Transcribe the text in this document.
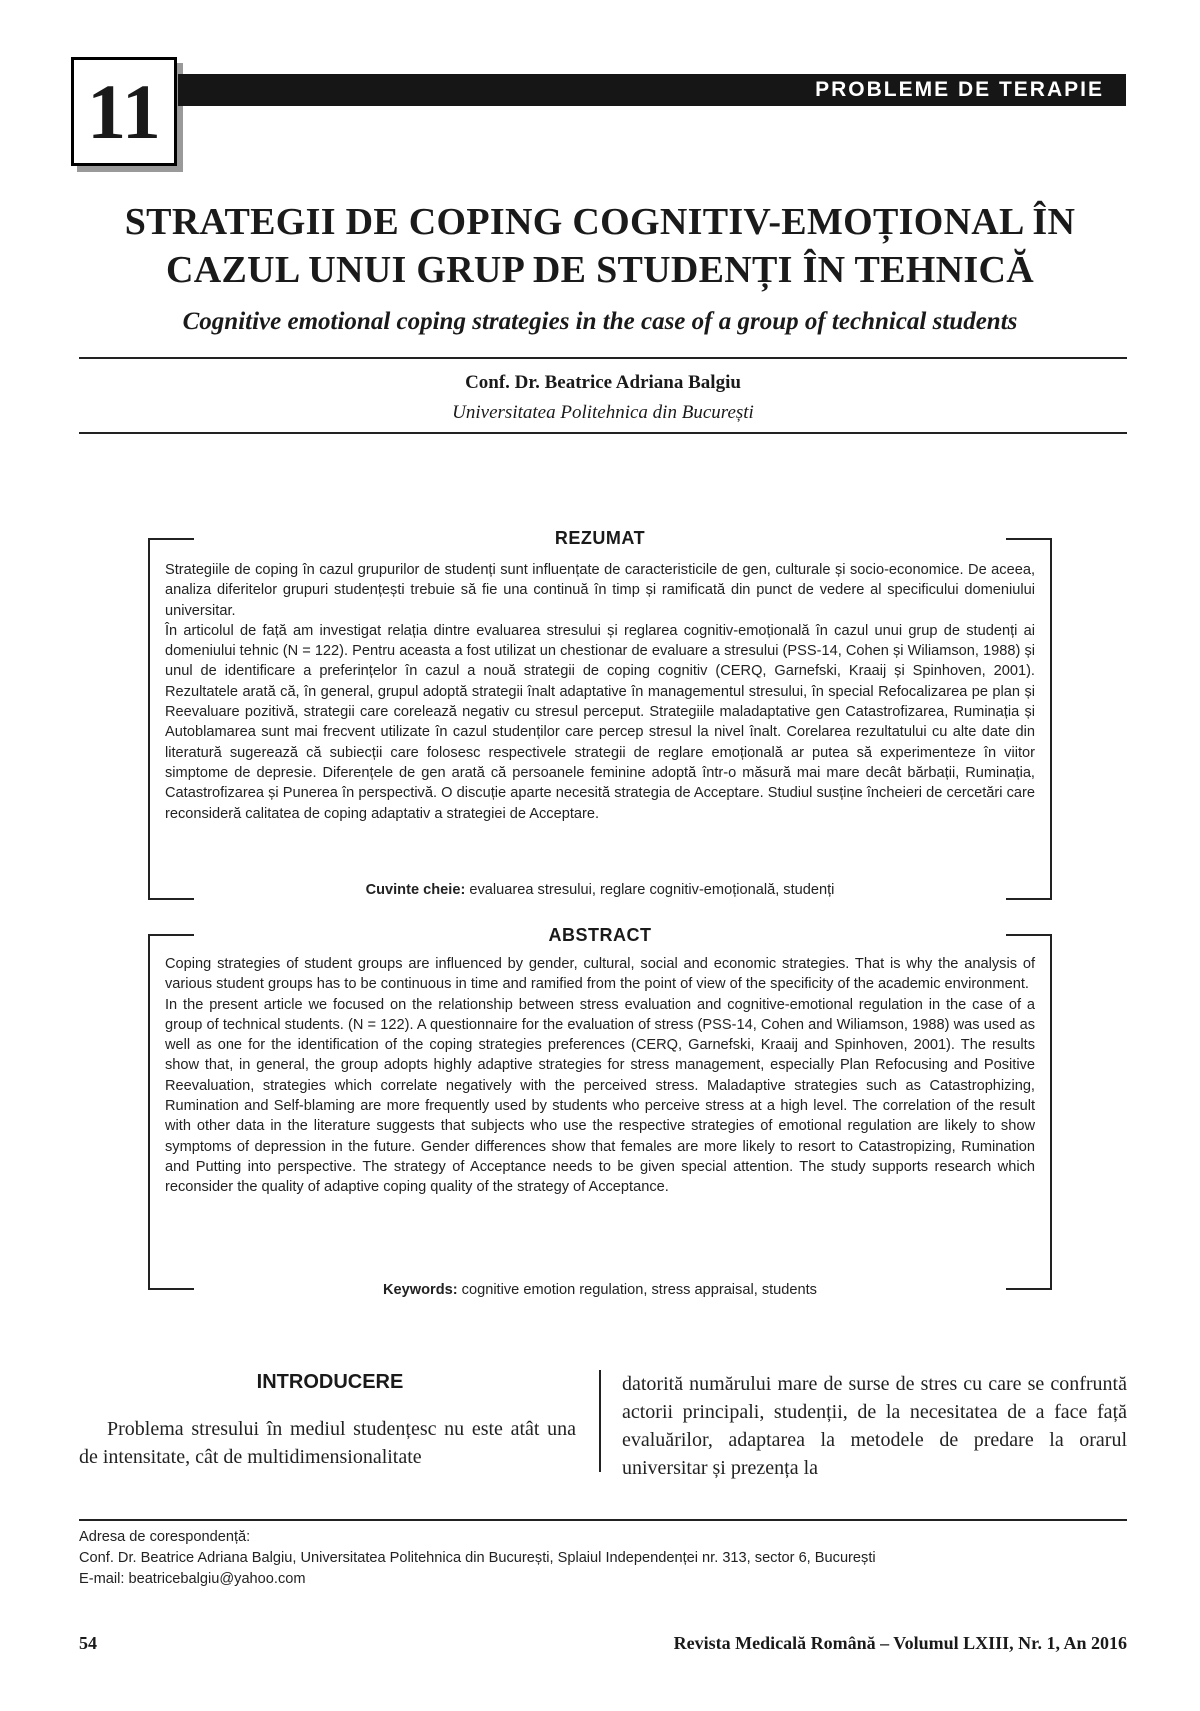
11	PROBLEME DE TERAPIE
STRATEGII DE COPING COGNITIV-EMOȚIONAL ÎN
CAZUL UNUI GRUP DE STUDENȚI ÎN TEHNICĂ
Cognitive emotional coping strategies in the case of a group of technical students
Conf. Dr. Beatrice Adriana Balgiu
Universitatea Politehnica din București
REZUMAT

Strategiile de coping în cazul grupurilor de studenți sunt influențate de caracteristicile de gen, culturale și socio-economice. De aceea, analiza diferitelor grupuri studențești trebuie să fie una continuă în timp și ramificată din punct de vedere al specificului domeniului universitar.

În articolul de față am investigat relația dintre evaluarea stresului și reglarea cognitiv-emoțională în cazul unui grup de studenți ai domeniului tehnic (N = 122). Pentru aceasta a fost utilizat un chestionar de evaluare a stresului (PSS-14, Cohen și Wiliamson, 1988) și unul de identificare a preferințelor în cazul a nouă strategii de coping cognitiv (CERQ, Garnefski, Kraaij și Spinhoven, 2001). Rezultatele arată că, în general, grupul adoptă strategii înalt adaptative în managementul stresului, în special Refocalizarea pe plan și Reevaluare pozitivă, strategii care corelează negativ cu stresul perceput. Strategiile maladaptative gen Catastrofizarea, Ruminația și Autoblamarea sunt mai frecvent utilizate în cazul studenților care percep stresul la nivel înalt. Corelarea rezultatului cu alte date din literatură sugerează că subiecții care folosesc respectivele strategii de reglare emoțională ar putea să experimenteze în viitor simptome de depresie. Diferențele de gen arată că persoanele feminine adoptă într-o măsură mai mare decât bărbații, Ruminația, Catastrofizarea și Punerea în perspectivă. O discuție aparte necesită strategia de Acceptare. Studiul susține încheieri de cercetări care reconsideră calitatea de coping adaptativ a strategiei de Acceptare.

Cuvinte cheie: evaluarea stresului, reglare cognitiv-emoțională, studenți
ABSTRACT

Coping strategies of student groups are influenced by gender, cultural, social and economic strategies. That is why the analysis of various student groups has to be continuous in time and ramified from the point of view of the specificity of the academic environment.

In the present article we focused on the relationship between stress evaluation and cognitive-emotional regulation in the case of a group of technical students. (N = 122). A questionnaire for the evaluation of stress (PSS-14, Cohen and Wiliamson, 1988) was used as well as one for the identification of the coping strategies preferences (CERQ, Garnefski, Kraaij and Spinhoven, 2001). The results show that, in general, the group adopts highly adaptive strategies for stress management, especially Plan Refocusing and Positive Reevaluation, strategies which correlate negatively with the perceived stress. Maladaptive strategies such as Catastrophizing, Rumination and Self-blaming are more frequently used by students who perceive stress at a high level. The correlation of the result with other data in the literature suggests that subjects who use the respective strategies of emotional regulation are likely to show symptoms of depression in the future. Gender differences show that females are more likely to resort to Catastropizing, Rumination and Putting into perspective. The strategy of Acceptance needs to be given special attention. The study supports research which reconsider the quality of adaptive coping quality of the strategy of Acceptance.

Keywords: cognitive emotion regulation, stress appraisal, students
INTRODUCERE

Problema stresului în mediul studențesc nu este atât una de intensitate, cât de multidimensionalitate

datorită numărului mare de surse de stres cu care se confruntă actorii principali, studenții, de la necesitatea de a face față evaluărilor, adaptarea la metodele de predare la orarul universitar și prezența la

Adresa de corespondență:
Conf. Dr. Beatrice Adriana Balgiu, Universitatea Politehnica din București, Splaiul Independenței nr. 313, sector 6, București
E-mail: beatricebalgiu@yahoo.com
54	Revista Medicală Română – Volumul LXIII, Nr. 1, An 2016
